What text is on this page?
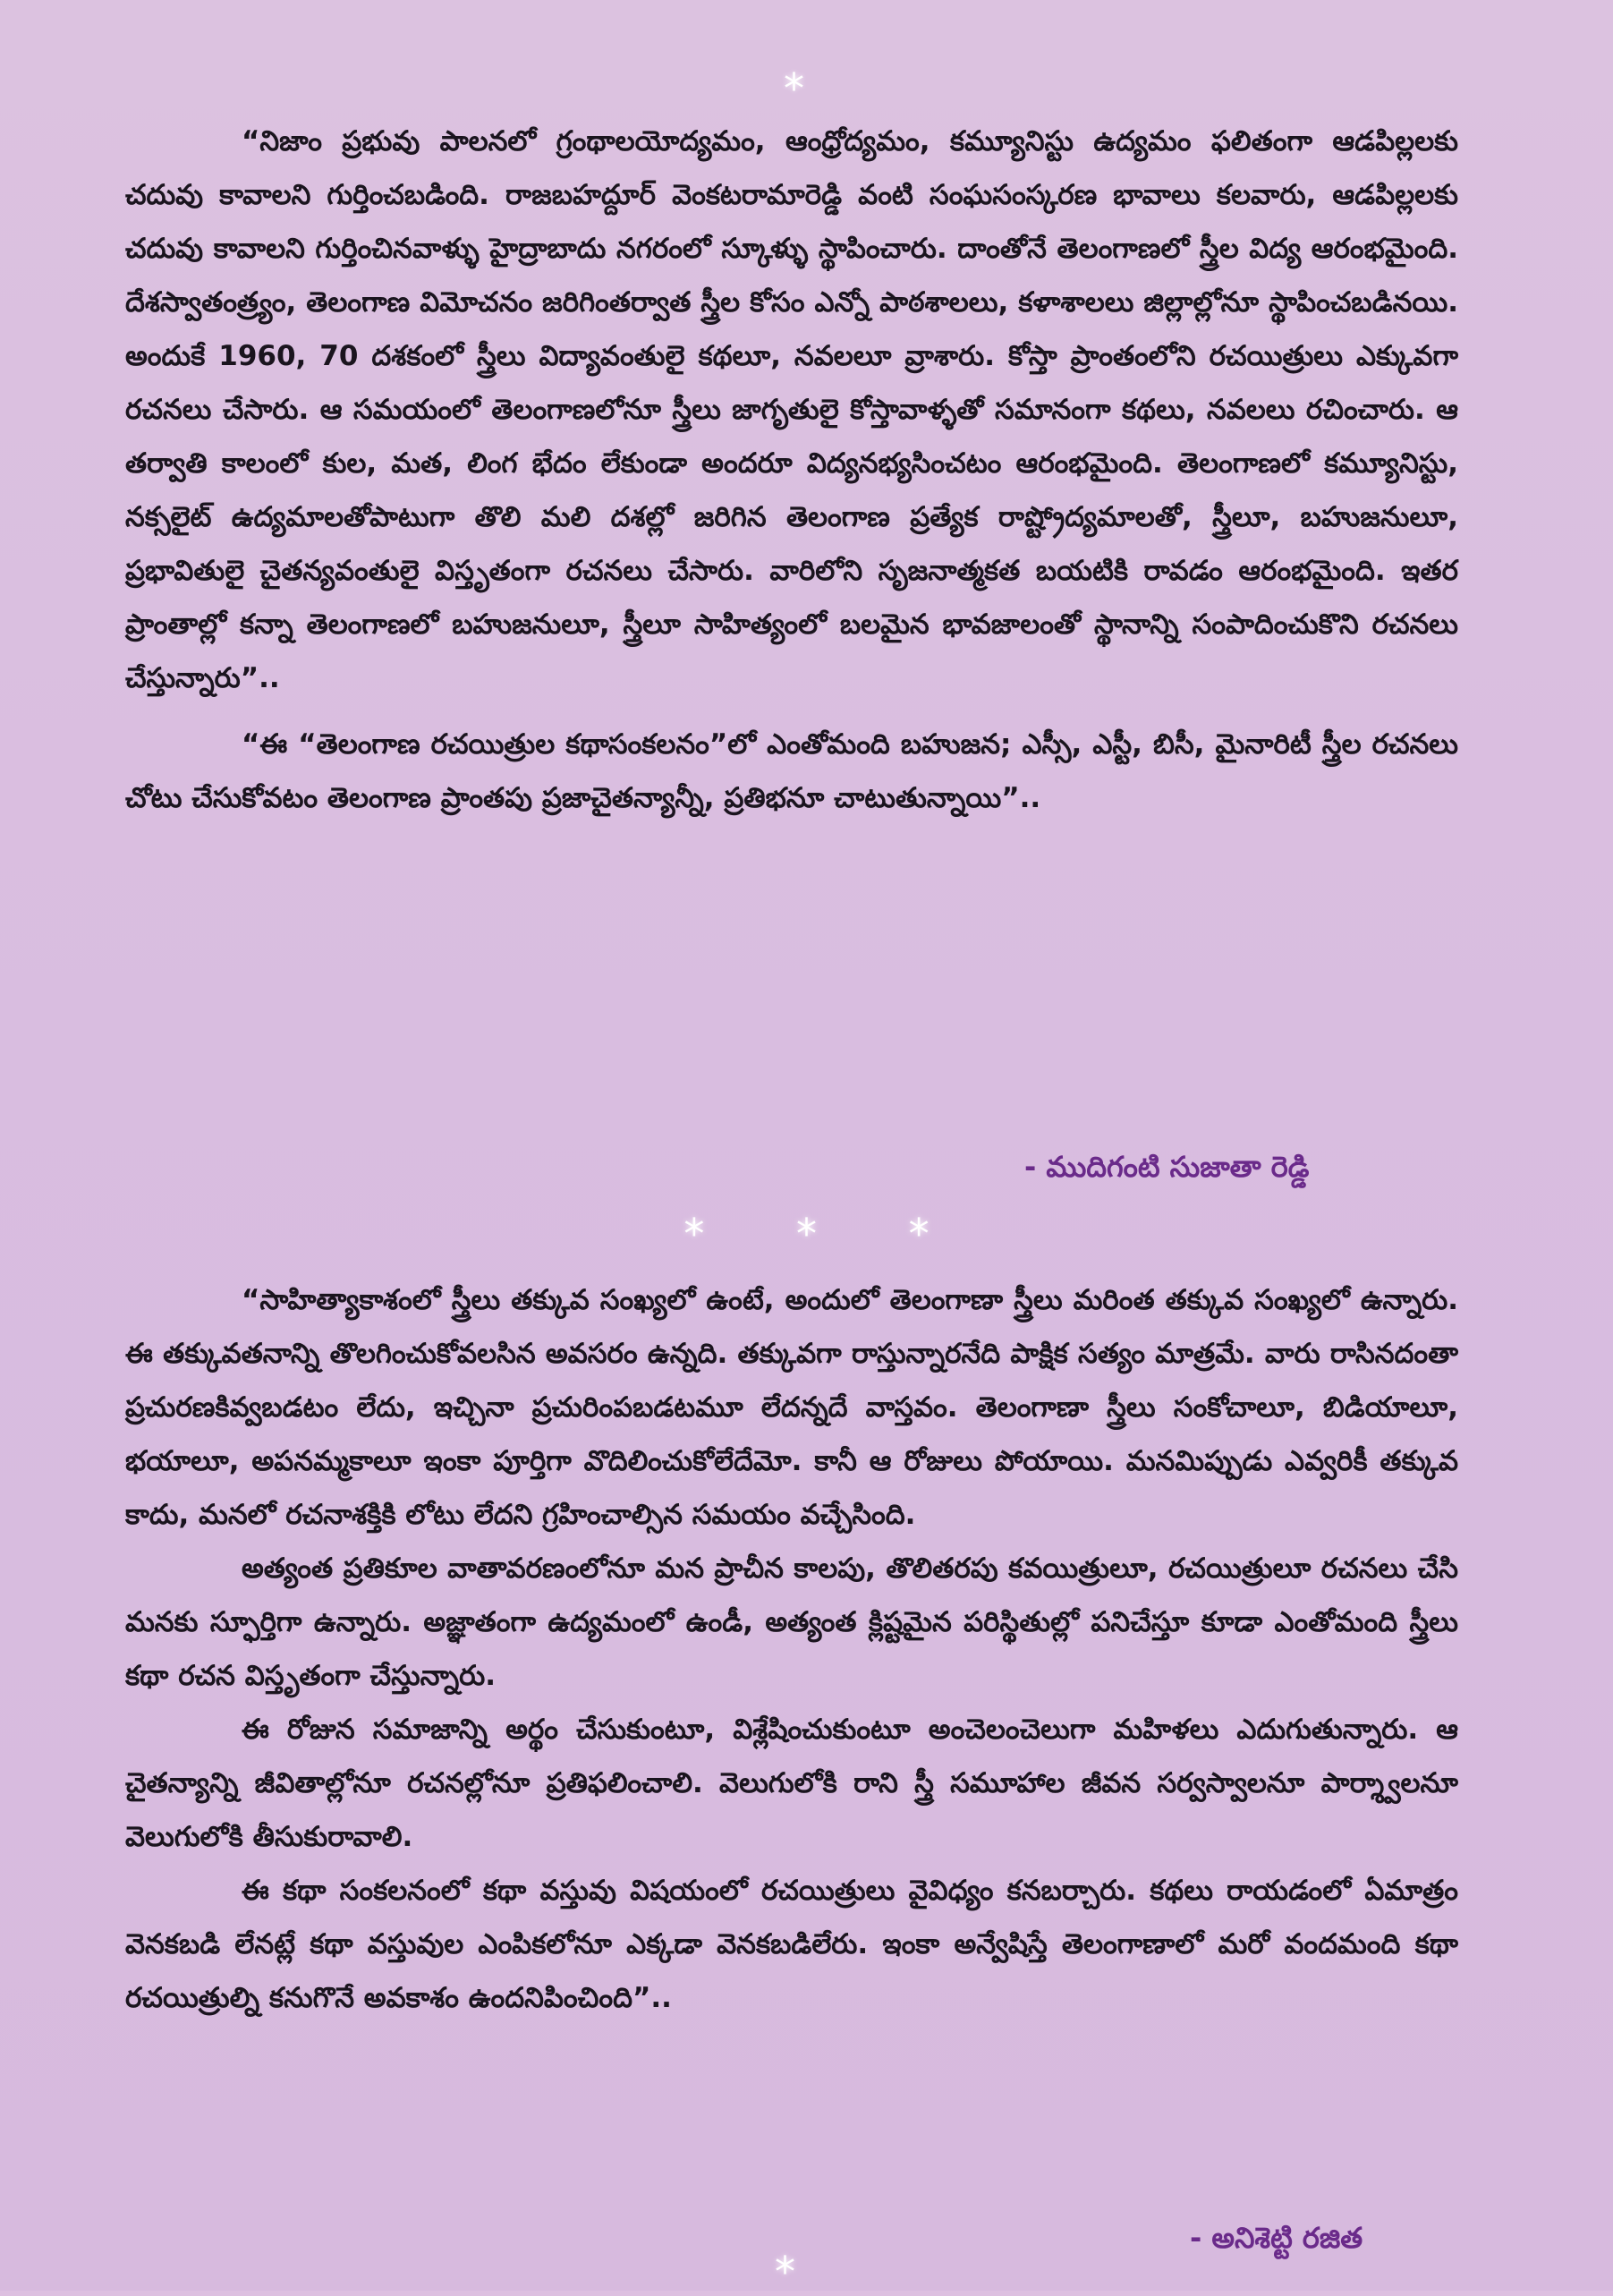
*

“నిజాం ప్రభువు పాలనలో గ్రంథాలయోద్యమం, ఆంధ్రోద్యమం, కమ్యూనిస్టు ఉద్యమం ఫలితంగా ఆడపిల్లలకు చదువు కావాలని గుర్తించబడింది. రాజబహద్దూర్ వెంకటరామారెడ్డి వంటి సంఘసంస్కరణ భావాలు కలవారు, ఆడపిల్లలకు చదువు కావాలని గుర్తించినవాళ్ళు హైద్రాబాదు నగరంలో స్కూళ్ళు స్థాపించారు. దాంతోనే తెలంగాణలో స్త్రీల విద్య ఆరంభమైంది. దేశస్వాతంత్ర్యం, తెలంగాణ విమోచనం జరిగింతర్వాత స్త్రీల కోసం ఎన్నో పాఠశాలలు, కళాశాలలు జిల్లాల్లోనూ స్థాపించబడినయి. అందుకే 1960, 70 దశకంలో స్త్రీలు విద్యావంతులై కథలూ, నవలలూ వ్రాశారు. కోస్తా ప్రాంతంలోని రచయిత్రులు ఎక్కువగా రచనలు చేసారు. ఆ సమయంలో తెలంగాణలోనూ స్త్రీలు జాగృతులై కోస్తావాళ్ళతో సమానంగా కథలు, నవలలు రచించారు. ఆ తర్వాతి కాలంలో కుల, మత, లింగ భేదం లేకుండా అందరూ విద్యనభ్యసించటం ఆరంభమైంది. తెలంగాణలో కమ్యూనిస్టు, నక్సలైట్ ఉద్యమాలతోపాటుగా తొలి మలి దశల్లో జరిగిన తెలంగాణ ప్రత్యేక రాష్ట్రోద్యమాలతో, స్త్రీలూ, బహుజనులూ, ప్రభావితులై చైతన్యవంతులై విస్తృతంగా రచనలు చేసారు. వారిలోని సృజనాత్మకత బయటికి రావడం ఆరంభమైంది. ఇతర ప్రాంతాల్లో కన్నా తెలంగాణలో బహుజనులూ, స్త్రీలూ సాహిత్యంలో బలమైన భావజాలంతో స్థానాన్ని సంపాదించుకొని రచనలు చేస్తున్నారు”..

“ఈ “తెలంగాణ రచయిత్రుల కథాసంకలనం”లో ఎంతోమంది బహుజన; ఎస్సీ, ఎస్టీ, బిసీ, మైనారిటీ స్త్రీల రచనలు చోటు చేసుకోవటం తెలంగాణ ప్రాంతపు ప్రజాచైతన్యాన్నీ, ప్రతిభనూ చాటుతున్నాయి”..

- ముదిగంటి సుజాతా రెడ్డి
* * *

“సాహిత్యాకాశంలో స్త్రీలు తక్కువ సంఖ్యలో ఉంటే, అందులో తెలంగాణా స్త్రీలు మరింత తక్కువ సంఖ్యలో ఉన్నారు. ఈ తక్కువతనాన్ని తొలగించుకోవలసిన అవసరం ఉన్నది. తక్కువగా రాస్తున్నారనేది పాక్షిక సత్యం మాత్రమే. వారు రాసినదంతా ప్రచురణకివ్వబడటం లేదు, ఇచ్చినా ప్రచురింపబడటమూ లేదన్నదే వాస్తవం. తెలంగాణా స్త్రీలు సంకోచాలూ, బిడియాలూ, భయాలూ, అపనమ్మకాలూ ఇంకా పూర్తిగా వొదిలించుకోలేదేమో. కానీ ఆ రోజులు పోయాయి. మనమిప్పుడు ఎవ్వరికీ తక్కువ కాదు, మనలో రచనాశక్తికి లోటు లేదని గ్రహించాల్సిన సమయం వచ్చేసింది.

అత్యంత ప్రతికూల వాతావరణంలోనూ మన ప్రాచీన కాలపు, తొలితరపు కవయిత్రులూ, రచయిత్రులూ రచనలు చేసి మనకు స్ఫూర్తిగా ఉన్నారు. అజ్ఞాతంగా ఉద్యమంలో ఉండీ, అత్యంత క్లిష్టమైన పరిస్థితుల్లో పనిచేస్తూ కూడా ఎంతోమంది స్త్రీలు కథా రచన విస్తృతంగా చేస్తున్నారు.

ఈ రోజున సమాజాన్ని అర్థం చేసుకుంటూ, విశ్లేషించుకుంటూ అంచెలంచెలుగా మహిళలు ఎదుగుతున్నారు. ఆ చైతన్యాన్ని జీవితాల్లోనూ రచనల్లోనూ ప్రతిఫలించాలి. వెలుగులోకి రాని స్త్రీ సమూహాల జీవన సర్వస్వాలనూ పార్శ్వాలనూ వెలుగులోకి తీసుకురావాలి.

ఈ కథా సంకలనంలో కథా వస్తువు విషయంలో రచయిత్రులు వైవిధ్యం కనబర్చారు. కథలు రాయడంలో ఏమాత్రం వెనకబడి లేనట్లే కథా వస్తువుల ఎంపికలోనూ ఎక్కడా వెనకబడిలేరు. ఇంకా అన్వేషిస్తే తెలంగాణాలో మరో వందమంది కథా రచయిత్రుల్ని కనుగొనే అవకాశం ఉందనిపించింది”..

- అనిశెట్టి రజిత
*
